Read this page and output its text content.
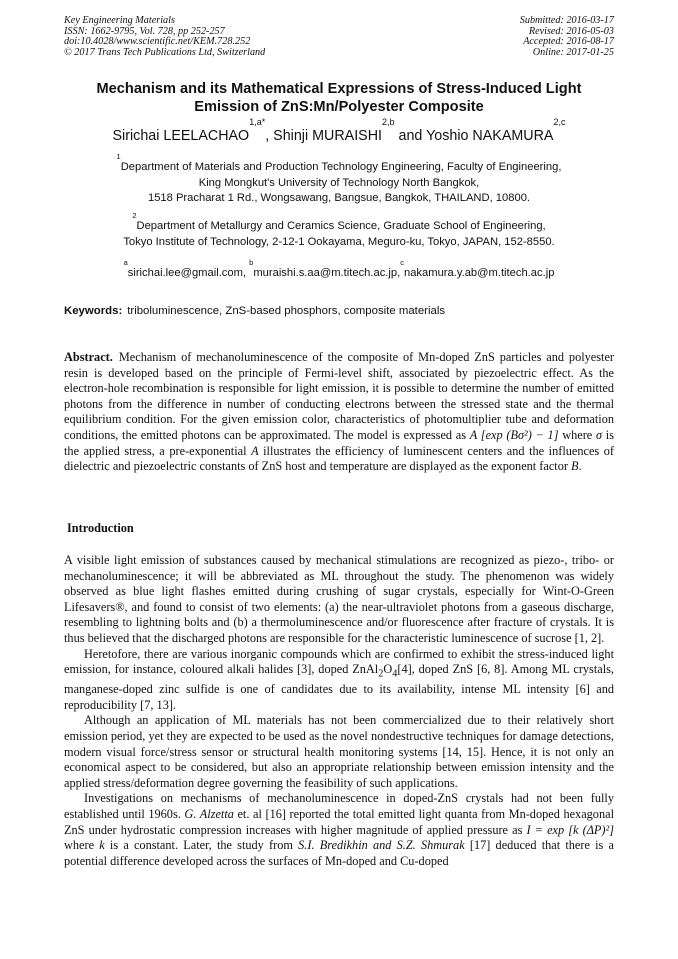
Key Engineering Materials
ISSN: 1662-9795, Vol. 728, pp 252-257
doi:10.4028/www.scientific.net/KEM.728.252
© 2017 Trans Tech Publications Ltd, Switzerland
Submitted: 2016-03-17
Revised: 2016-05-03
Accepted: 2016-08-17
Online: 2017-01-25
Mechanism and its Mathematical Expressions of Stress-Induced Light
Emission of ZnS:Mn/Polyester Composite
Sirichai $LEELACHAO^{1,a*}$, Shinji MURAISHI$^{2,b}$ and Yoshio NAKAMURA$^{2,c}$
$^1$Department of Materials and Production Technology Engineering, Faculty of Engineering,
King Mongkut's University of Technology North Bangkok,
1518 Pracharat 1 Rd., Wongsawang, Bangsue, Bangkok, THAILAND, 10800.
$^2$Department of Metallurgy and Ceramics Science, Graduate School of Engineering,
Tokyo Institute of Technology, 2-12-1 Ookayama, Meguro-ku, Tokyo, JAPAN, 152-8550.
$^a$sirichai.lee@gmail.com, $^b$muraishi.s.aa@m.titech.ac.jp,$^c$nakamura.y.ab@m.titech.ac.jp
Keywords: triboluminescence, ZnS-based phosphors, composite materials

Abstract. Mechanism of mechanoluminescence of the composite of Mn-doped ZnS particles and polyester resin is developed based on the principle of Fermi-level shift, associated by piezoelectric effect. As the electron-hole recombination is responsible for light emission, it is possible to determine the number of emitted photons from the difference in number of conducting electrons between the stressed state and the thermal equilibrium condition. For the given emission color, characteristics of photomultiplier tube and deformation conditions, the emitted photons can be approximated. The model is expressed as A [exp (Bσ²) − 1] where σ is the applied stress, a pre-exponential A illustrates the efficiency of luminescent centers and the influences of dielectric and piezoelectric constants of ZnS host and temperature are displayed as the exponent factor B.

Introduction

A visible light emission of substances caused by mechanical stimulations are recognized as piezo-, tribo- or mechanoluminescence; it will be abbreviated as ML throughout the study. The phenomenon was widely observed as blue light flashes emitted during crushing of sugar crystals, especially for Wint-O-Green Lifesavers®, and found to consist of two elements: (a) the near-ultraviolet photons from a gaseous discharge, resembling to lightning bolts and (b) a thermoluminescence and/or fluorescence after fracture of crystals. It is thus believed that the discharged photons are responsible for the characteristic luminescence of sucrose [1, 2].

Heretofore, there are various inorganic compounds which are confirmed to exhibit the stress-induced light emission, for instance, coloured alkali halides [3], doped $ZnAl_2O_4[4]$, doped ZnS [6, 8]. Among ML crystals, manganese-doped zinc sulfide is one of candidates due to its availability, intense ML intensity [6] and reproducibility [7, 13].

Although an application of ML materials has not been commercialized due to their relatively short emission period, yet they are expected to be used as the novel nondestructive techniques for damage detections, modern visual force/stress sensor or structural health monitoring systems [14, 15]. Hence, it is not only an economical aspect to be considered, but also an appropriate relationship between emission intensity and the applied stress/deformation degree governing the feasibility of such applications.

Investigations on mechanisms of mechanoluminescence in doped-ZnS crystals had not been fully established until 1960s. G. Alzetta et. al [16] reported the total emitted light quanta from Mn-doped hexagonal ZnS under hydrostatic compression increases with higher magnitude of applied pressure as I = exp [k (ΔP)²] where k is a constant. Later, the study from S.I. Bredikhin and S.Z. Shmurak [17] deduced that there is a potential difference developed across the surfaces of Mn-doped and Cu-doped
